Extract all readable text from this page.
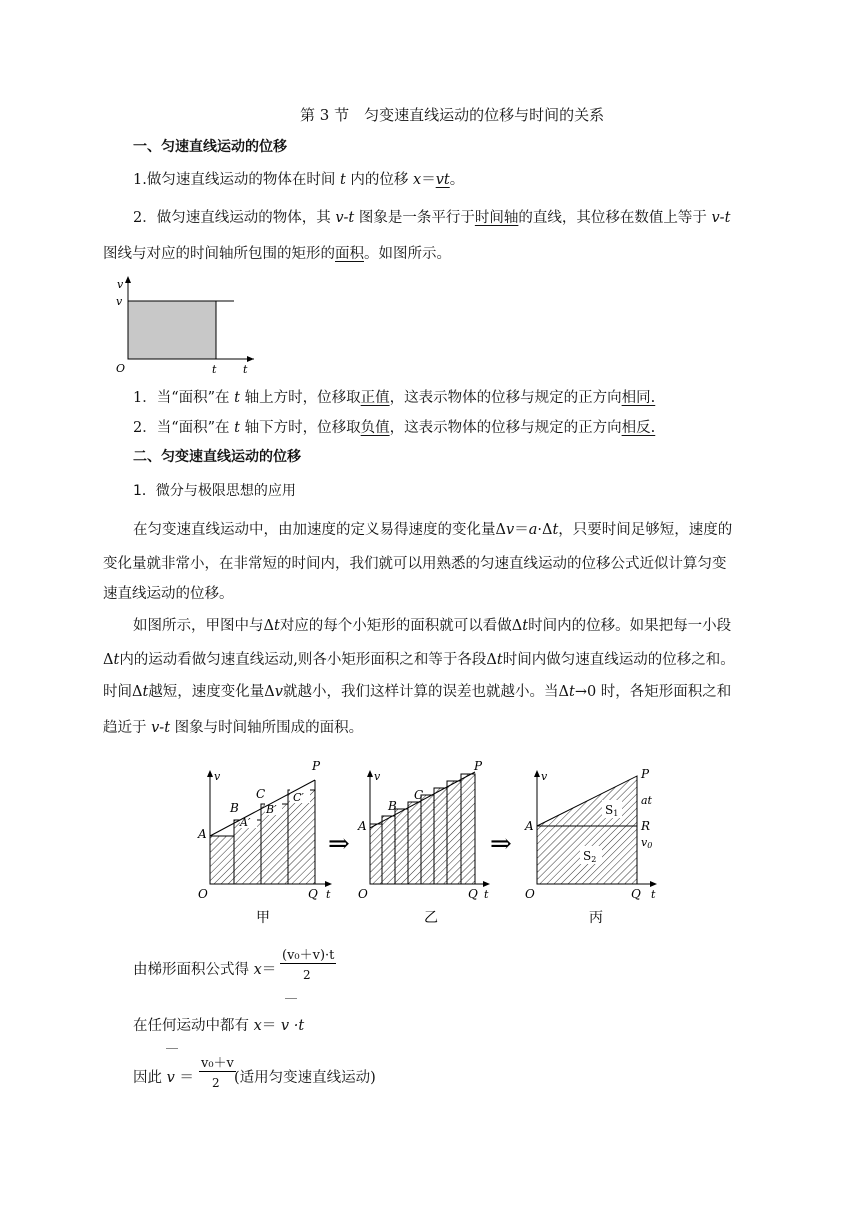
第 3 节　匀变速直线运动的位移与时间的关系
一、匀速直线运动的位移
1.做匀速直线运动的物体在时间 t 内的位移 x＝vt。
2．做匀速直线运动的物体，其 v-t 图象是一条平行于时间轴的直线，其位移在数值上等于 v-t
图线与对应的时间轴所包围的矩形的面积。如图所示。
v
v
O	t t
1．当“面积”在 t 轴上方时，位移取正值，这表示物体的位移与规定的正方向相同.
2．当“面积”在 t 轴下方时，位移取负值，这表示物体的位移与规定的正方向相反.
二、匀变速直线运动的位移
1．微分与极限思想的应用
在匀变速直线运动中，由加速度的定义易得速度的变化量Δv＝a·Δt，只要时间足够短，速度的
变化量就非常小，在非常短的时间内，我们就可以用熟悉的匀速直线运动的位移公式近似计算匀变
速直线运动的位移。
如图所示，甲图中与Δt对应的每个小矩形的面积就可以看做Δt时间内的位移。如果把每一小段
Δt内的运动看做匀速直线运动,则各小矩形面积之和等于各段Δt时间内做匀速直线运动的位移之和。
时间Δt越短，速度变化量Δv就越小，我们这样计算的误差也就越小。当Δt→0 时，各矩形面积之和
趋近于 v-t 图象与时间轴所围成的面积。
v
P
A
B
C
A′
B′
C′
O	Q t
甲
⇒
v
P
A
B
C
O	Q t
乙
⇒
v	P
A	R
at
v0
S1
S2
O	Q t
丙
由梯形面积公式得 x＝
(v₀＋v)·t
2
在任何运动中都有 x＝ v ·t
因此 v ＝
v₀＋v
2 (适用匀变速直线运动)
